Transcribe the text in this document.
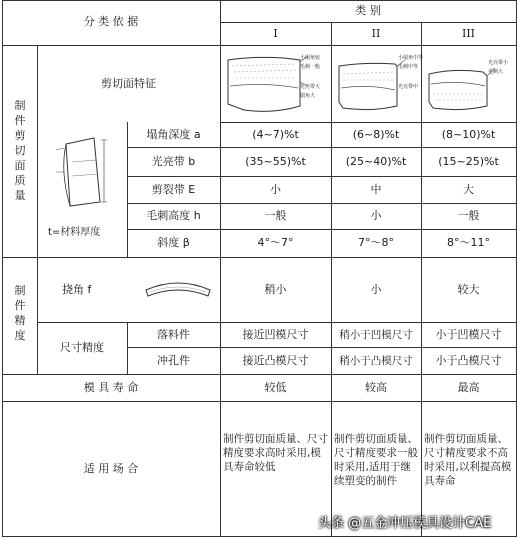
分 类 依 据
类 别
I	II	III
制件剪切面质量
剪切面特征
小塌角较
毛刺一般
光亮带大
塌角大
小塌角中等
毛刺中等
光亮带中
光亮带小
毛刺大
t=材料厚度
塌角深度 a	(4~7)%t	(6~8)%t	(8~10)%t
光亮带 b	(35~55)%t	(25~40)%t	(15~25)%t
剪裂带 E	小	中	大
毛刺高度 h	一般	小	一般
斜度 β	4°～7°	7°～8°	8°～11°
制件精度
挠角 f	稍小	小	较大
尺寸精度
落料件	接近凹模尺寸	稍小于凹模尺寸	小于凹模尺寸
冲孔件	接近凸模尺寸	稍小于凸模尺寸	小于凸模尺寸
模 具 寿 命	较低	较高	最高
适 用 场 合
制件剪切面质量、尺寸精度要求高时采用,模具寿命较低
制件剪切面质量、尺寸精度要求一般时采用,适用于继续塑变的制件
制件剪切面质量、尺寸精度要求不高时采用,以利提高模具寿命
头条 @五金冲压模具设计CAE
